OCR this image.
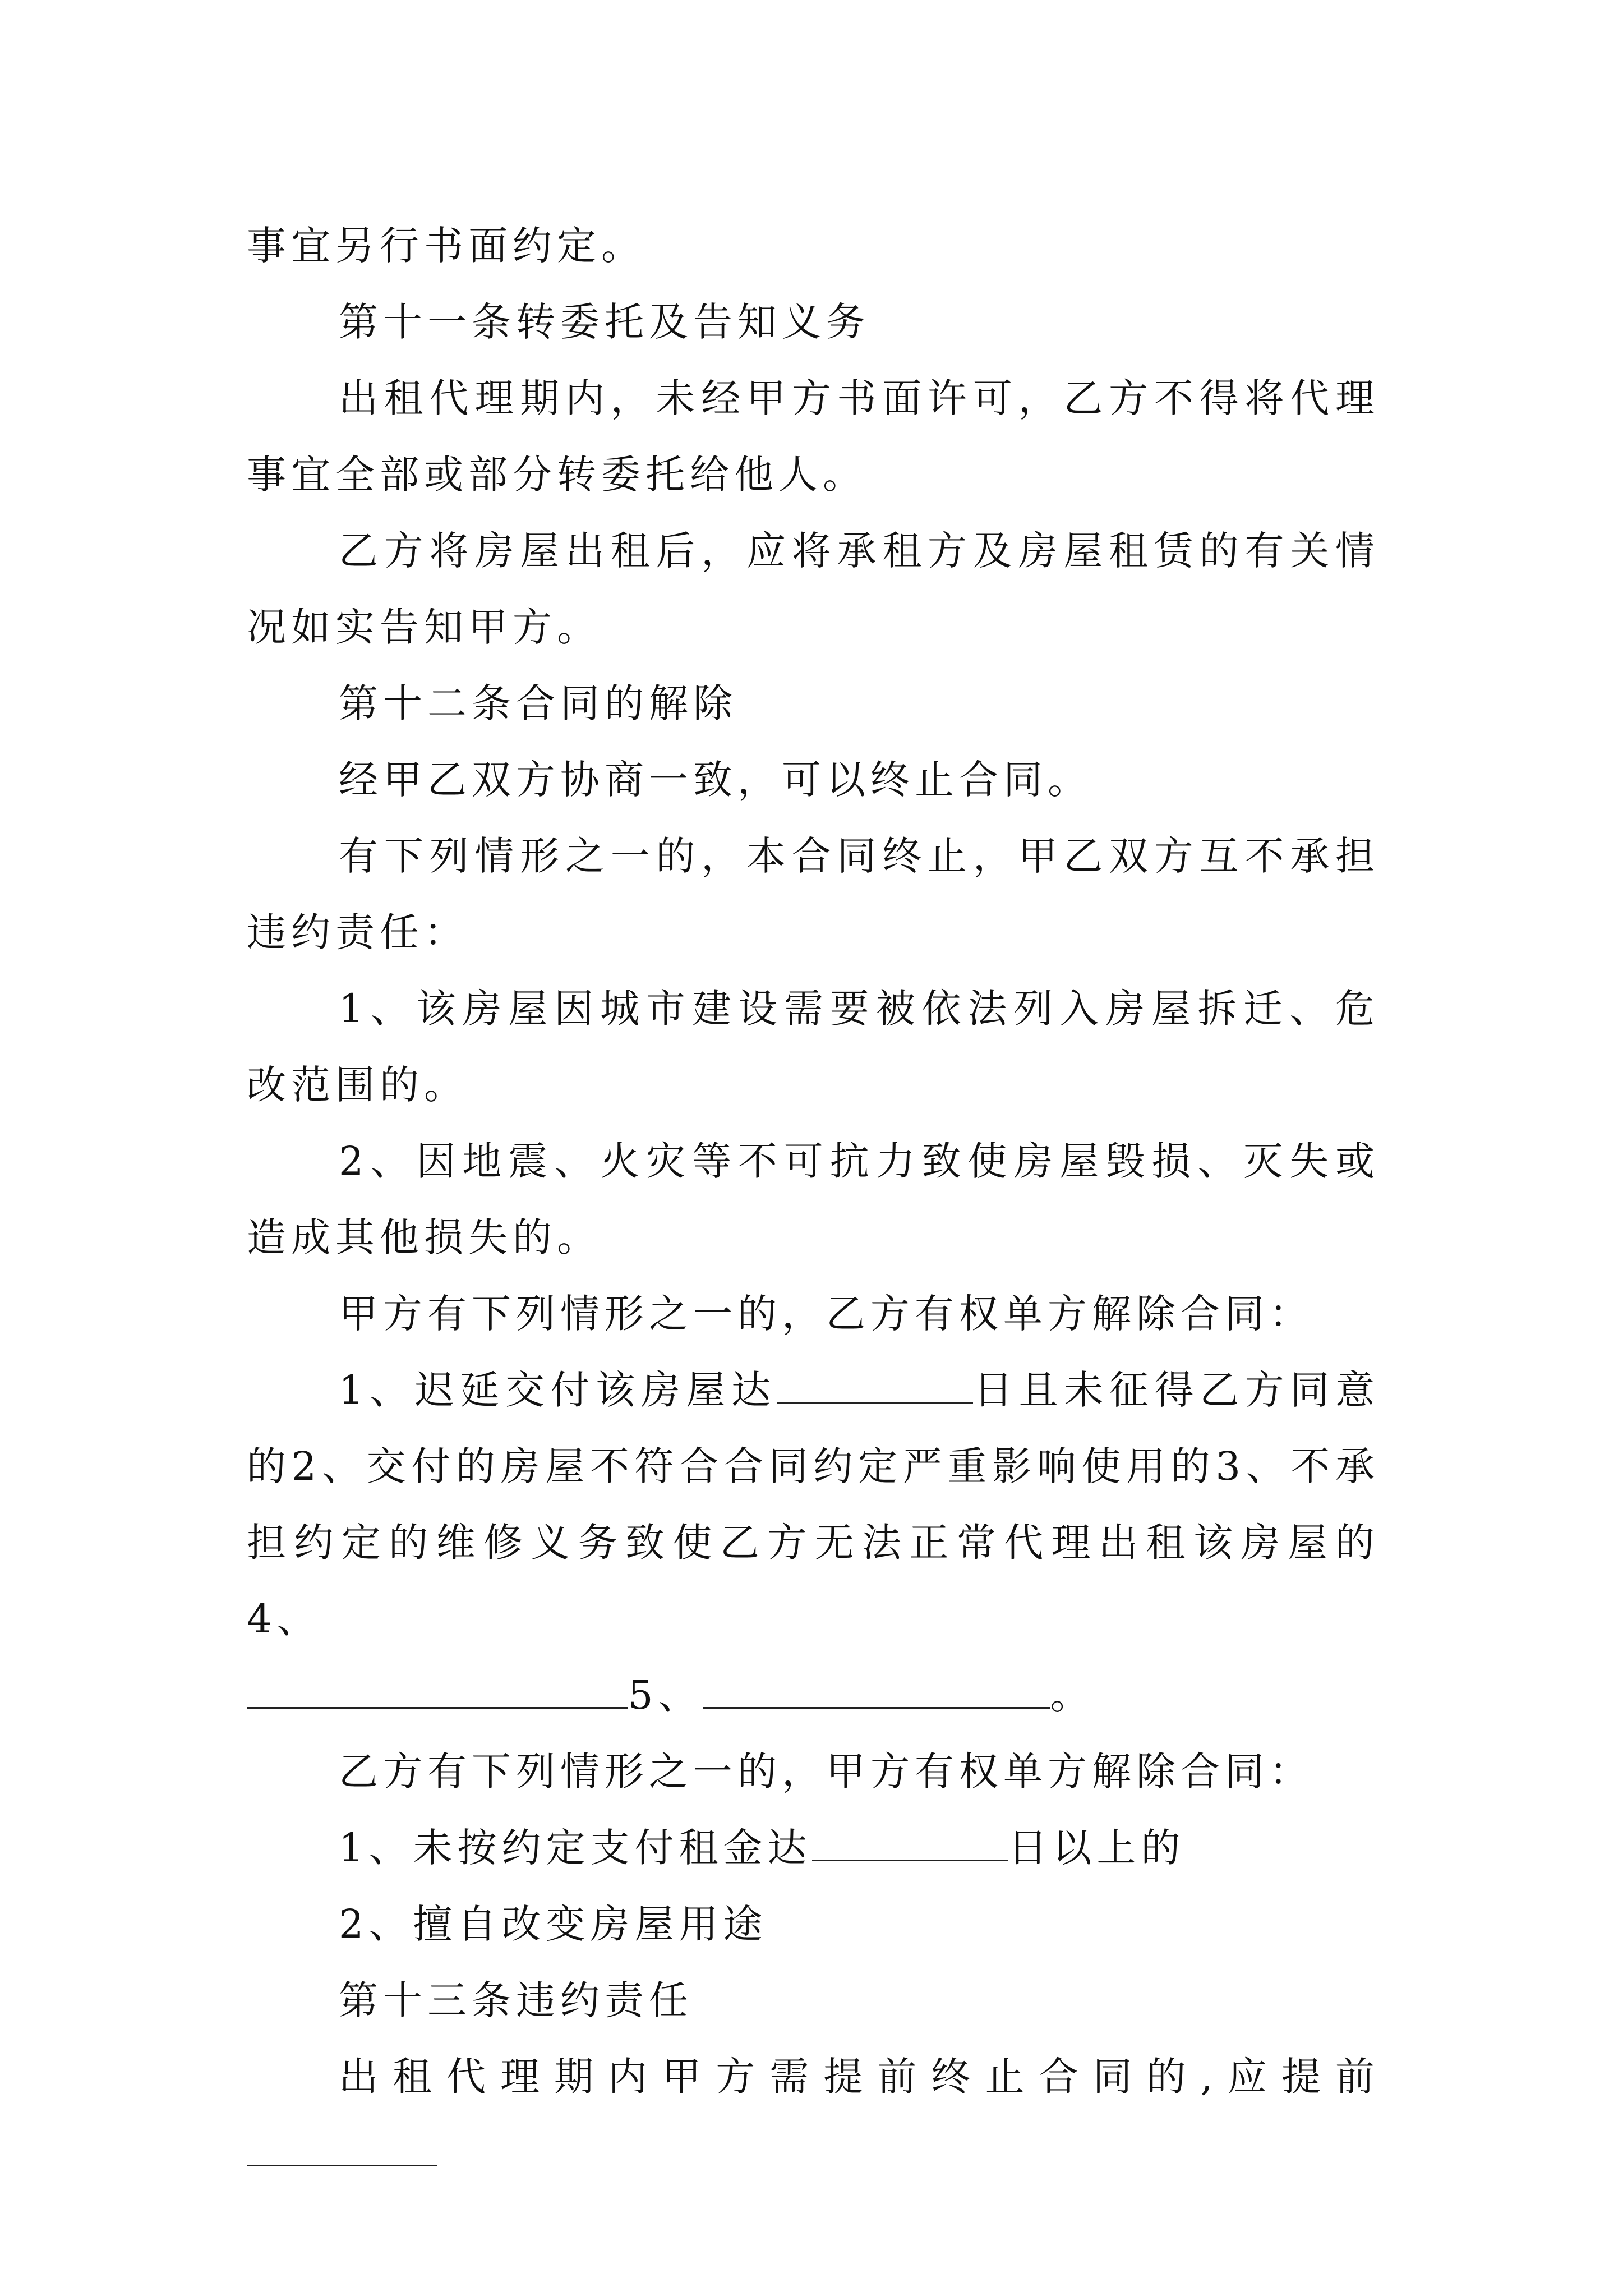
事宜另行书面约定。

第十一条转委托及告知义务

出租代理期内，未经甲方书面许可，乙方不得将代理事宜全部或部分转委托给他人。

乙方将房屋出租后，应将承租方及房屋租赁的有关情况如实告知甲方。

第十二条合同的解除

经甲乙双方协商一致，可以终止合同。

有下列情形之一的，本合同终止，甲乙双方互不承担违约责任：

1、该房屋因城市建设需要被依法列入房屋拆迁、危改范围的。

2、因地震、火灾等不可抗力致使房屋毁损、灭失或造成其他损失的。

甲方有下列情形之一的，乙方有权单方解除合同：

1、迟延交付该房屋达	日且未征得乙方同意的2、交付的房屋不符合合同约定严重影响使用的3、不承担约定的维修义务致使乙方无法正常代理出租该房屋的4、

5、	。

乙方有下列情形之一的，甲方有权单方解除合同：

1、未按约定支付租金达	日以上的

2、擅自改变房屋用途

第十三条违约责任

出租代理期内甲方需提前终止合同的,应提前
